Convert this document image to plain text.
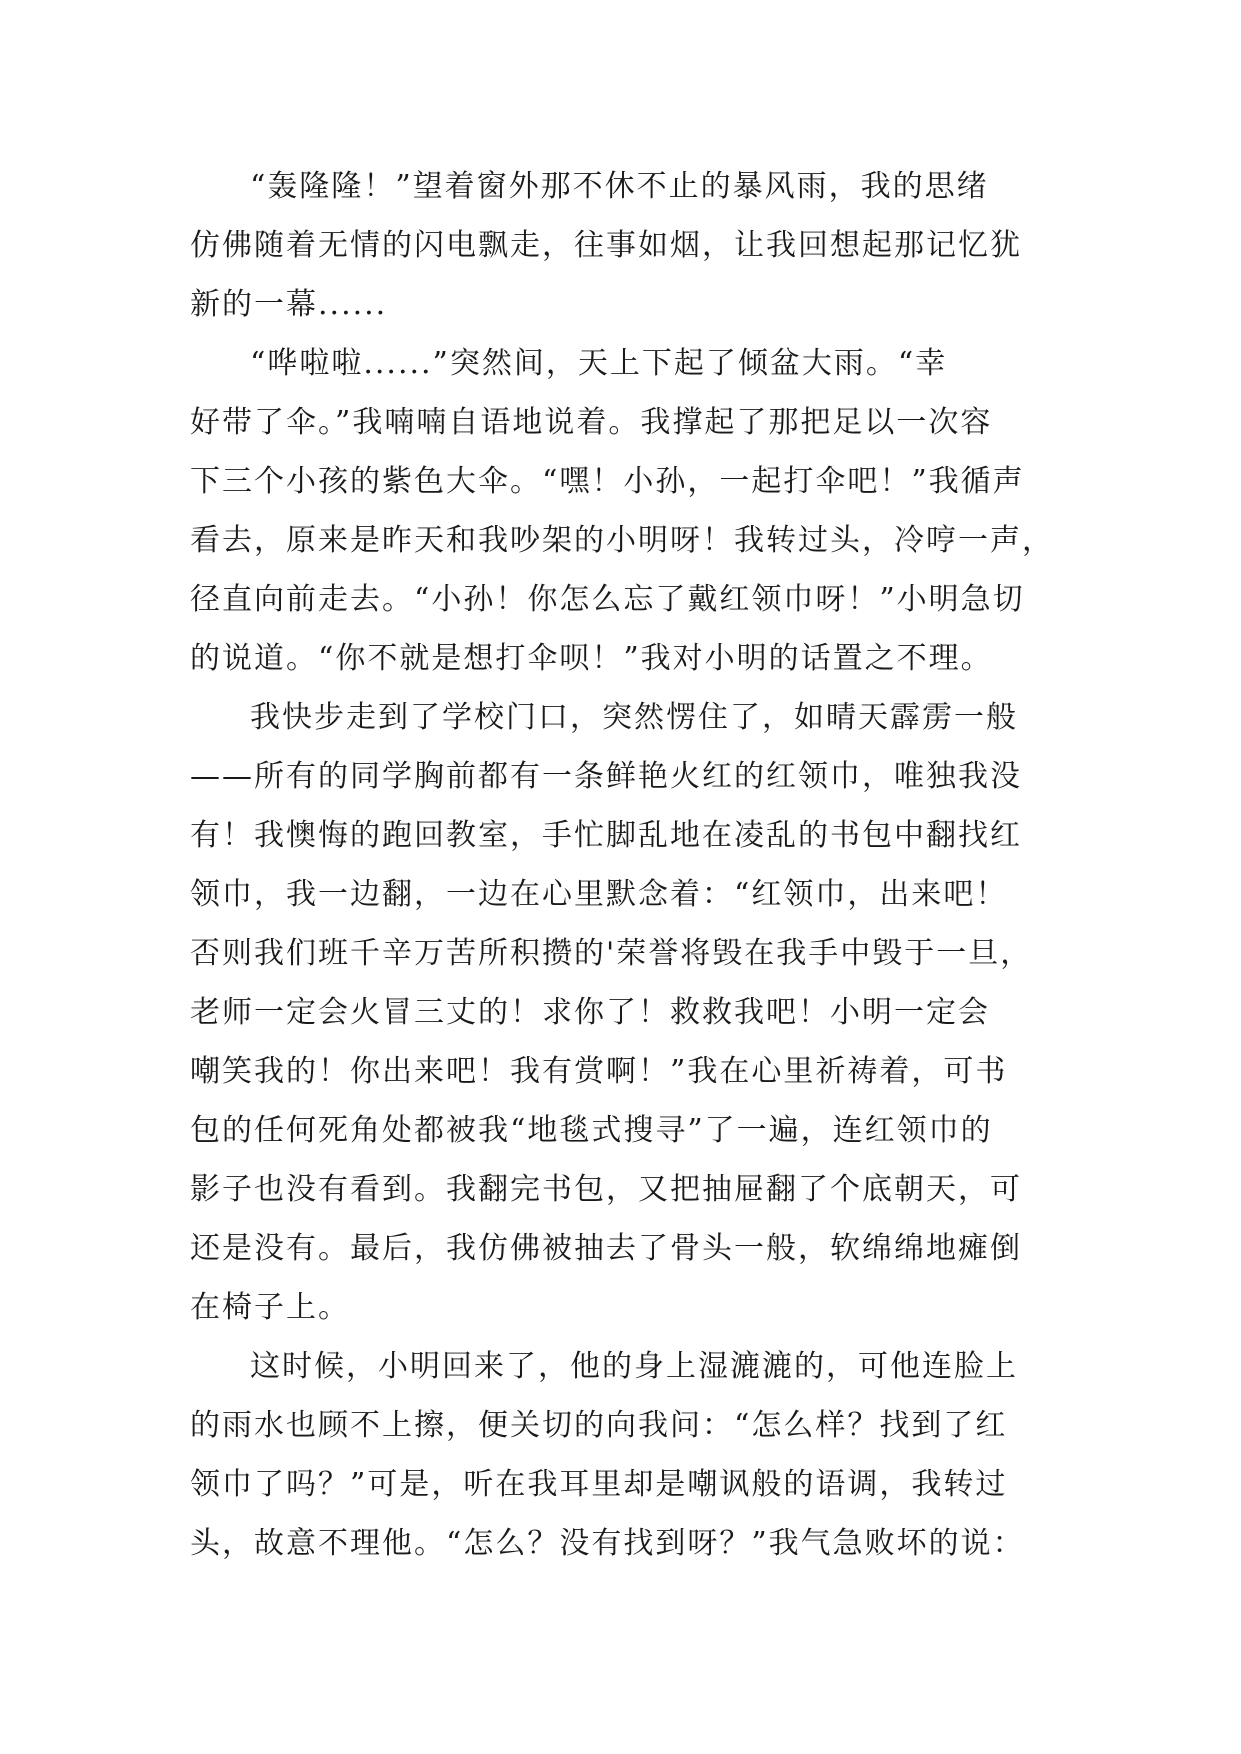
“轰隆隆！”望着窗外那不休不止的暴风雨，我的思绪
仿佛随着无情的闪电飘走，往事如烟，让我回想起那记忆犹
新的一幕......
“哗啦啦......”突然间，天上下起了倾盆大雨。“幸
好带了伞。”我喃喃自语地说着。我撑起了那把足以一次容
下三个小孩的紫色大伞。“嘿！小孙，一起打伞吧！”我循声
看去，原来是昨天和我吵架的小明呀！我转过头，冷哼一声，
径直向前走去。“小孙！你怎么忘了戴红领巾呀！”小明急切
的说道。“你不就是想打伞呗！”我对小明的话置之不理。
我快步走到了学校门口，突然愣住了，如晴天霹雳一般
——所有的同学胸前都有一条鲜艳火红的红领巾，唯独我没
有！我懊悔的跑回教室，手忙脚乱地在凌乱的书包中翻找红
领巾，我一边翻，一边在心里默念着：“红领巾，出来吧！
否则我们班千辛万苦所积攒的'荣誉将毁在我手中毁于一旦，
老师一定会火冒三丈的！求你了！救救我吧！小明一定会
嘲笑我的！你出来吧！我有赏啊！”我在心里祈祷着，可书
包的任何死角处都被我“地毯式搜寻”了一遍，连红领巾的
影子也没有看到。我翻完书包，又把抽屉翻了个底朝天，可
还是没有。最后，我仿佛被抽去了骨头一般，软绵绵地瘫倒
在椅子上。
这时候，小明回来了，他的身上湿漉漉的，可他连脸上
的雨水也顾不上擦，便关切的向我问：“怎么样？找到了红
领巾了吗？”可是，听在我耳里却是嘲讽般的语调，我转过
头，故意不理他。“怎么？没有找到呀？”我气急败坏的说：
